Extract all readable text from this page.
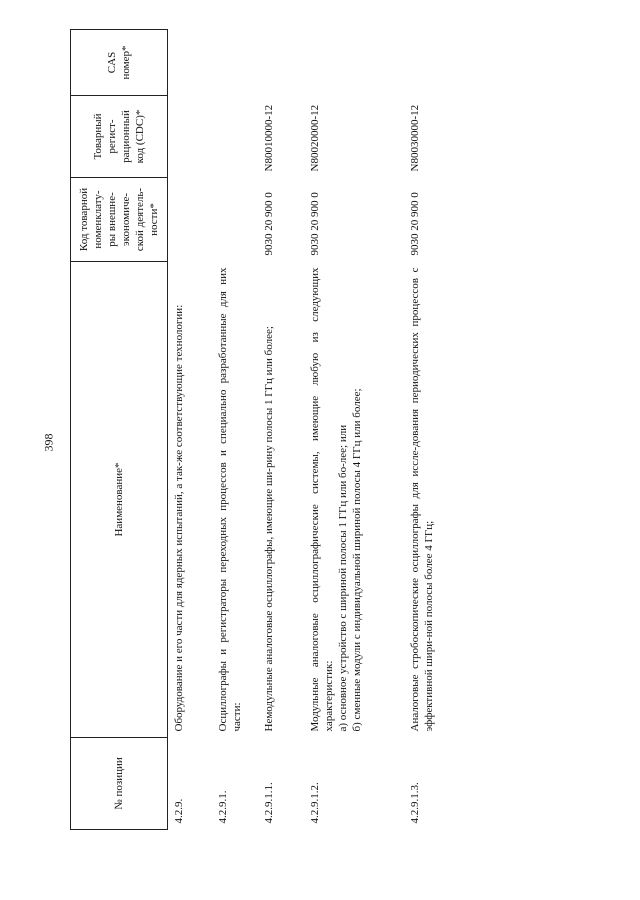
398
№ позиции	Наименование*	Код товарной номенклату-ры внешне-экономиче-ской деятель-ности*	Товарный регист-рационный код (CDC)*	CAS номер*
4.2.9.	Оборудование и его части для ядерных испытаний, а так-же соответствующие технологии:			
4.2.9.1.	Осциллографы и регистраторы переходных процессов и специально разработанные для них части:			
4.2.9.1.1.	Немодульные аналоговые осциллографы, имеющие ши-рину полосы 1 ГГц или более;	9030 20 900 0	N80010000-12	
4.2.9.1.2.	Модульные аналоговые осциллографические системы, имеющие любую из следующих характеристик: а) основное устройство с шириной полосы 1 ГГц или бо-лее; или б) сменные модули с индивидуальной шириной полосы 4 ГГц или более;	9030 20 900 0	N80020000-12	
4.2.9.1.3.	Аналоговые стробоскопические осциллографы для иссле-дования периодических процессов с эффективной шири-ной полосы более 4 ГГц;	9030 20 900 0	N80030000-12	
